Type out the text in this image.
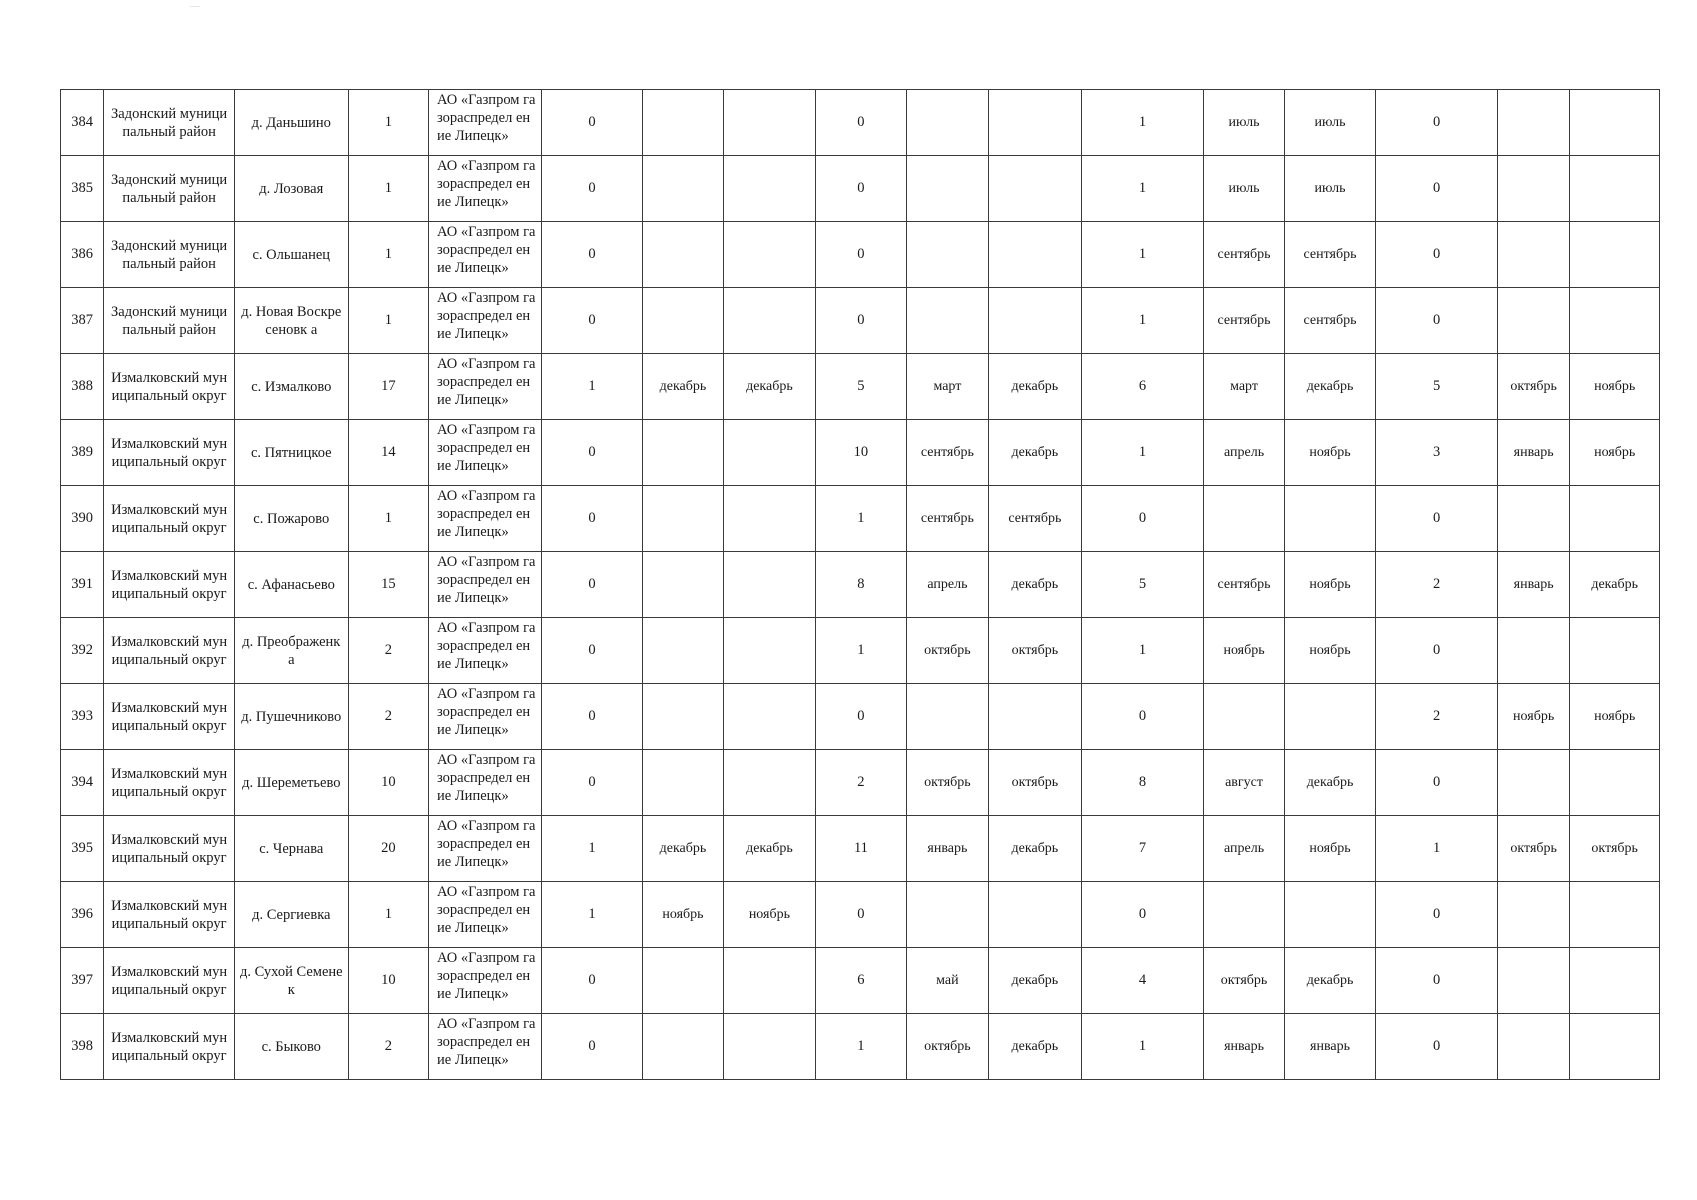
384	Задонский муниципальный район	д. Даньшино	1	АО «Газпром газораспредел ение Липецк»	0			0			1	июль	июль	0		
385	Задонский муниципальный район	д. Лозовая	1	АО «Газпром газораспредел ение Липецк»	0			0			1	июль	июль	0		
386	Задонский муниципальный район	с. Ольшанец	1	АО «Газпром газораспредел ение Липецк»	0			0			1	сентябрь	сентябрь	0		
387	Задонский муниципальный район	д. Новая Воскресеновк а	1	АО «Газпром газораспредел ение Липецк»	0			0			1	сентябрь	сентябрь	0		
388	Измалковский муниципальный округ	с. Измалково	17	АО «Газпром газораспредел ение Липецк»	1	декабрь	декабрь	5	март	декабрь	6	март	декабрь	5	октябрь	ноябрь
389	Измалковский муниципальный округ	с. Пятницкое	14	АО «Газпром газораспредел ение Липецк»	0			10	сентябрь	декабрь	1	апрель	ноябрь	3	январь	ноябрь
390	Измалковский муниципальный округ	с. Пожарово	1	АО «Газпром газораспредел ение Липецк»	0			1	сентябрь	сентябрь	0			0		
391	Измалковский муниципальный округ	с. Афанасьево	15	АО «Газпром газораспредел ение Липецк»	0			8	апрель	декабрь	5	сентябрь	ноябрь	2	январь	декабрь
392	Измалковский муниципальный округ	д. Преображенк а	2	АО «Газпром газораспредел ение Липецк»	0			1	октябрь	октябрь	1	ноябрь	ноябрь	0		
393	Измалковский муниципальный округ	д. Пушечниково	2	АО «Газпром газораспредел ение Липецк»	0			0			0			2	ноябрь	ноябрь
394	Измалковский муниципальный округ	д. Шереметьево	10	АО «Газпром газораспредел ение Липецк»	0			2	октябрь	октябрь	8	август	декабрь	0		
395	Измалковский муниципальный округ	с. Чернава	20	АО «Газпром газораспредел ение Липецк»	1	декабрь	декабрь	11	январь	декабрь	7	апрель	ноябрь	1	октябрь	октябрь
396	Измалковский муниципальный округ	д. Сергиевка	1	АО «Газпром газораспредел ение Липецк»	1	ноябрь	ноябрь	0			0			0		
397	Измалковский муниципальный округ	д. Сухой Семенек	10	АО «Газпром газораспредел ение Липецк»	0			6	май	декабрь	4	октябрь	декабрь	0		
398	Измалковский муниципальный округ	с. Быково	2	АО «Газпром газораспредел ение Липецк»	0			1	октябрь	декабрь	1	январь	январь	0		
